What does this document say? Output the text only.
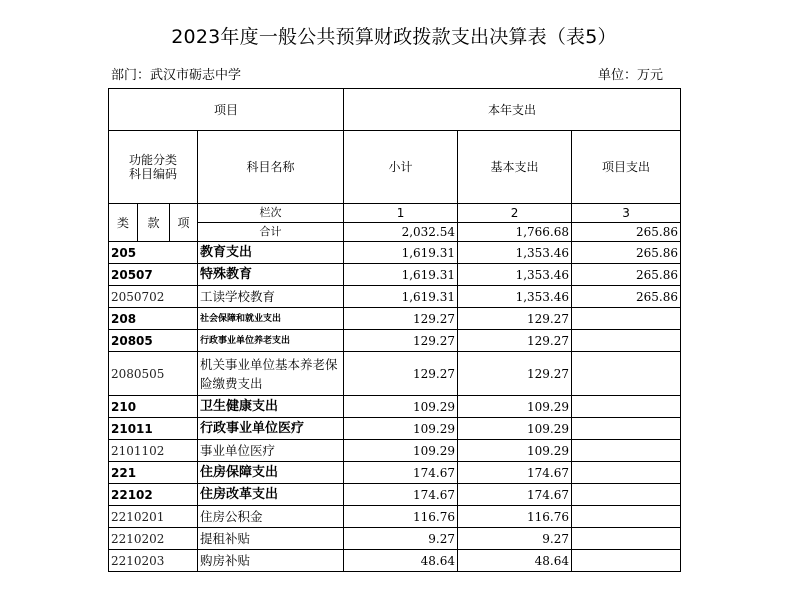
2023年度一般公共预算财政拨款支出决算表（表5）
部门：武汉市砺志中学	单位：万元
项目				本年支出		

功能分类
科目编码			科目名称	小计	基本支出	项目支出
类	款	项	栏次	1	2	3
			合计	2,032.54	1,766.68	265.86
205			教育支出	1,619.31	1,353.46	265.86
20507			特殊教育	1,619.31	1,353.46	265.86
2050702			工读学校教育	1,619.31	1,353.46	265.86
208			社会保障和就业支出	129.27	129.27	
20805			行政事业单位养老支出	129.27	129.27	
2080505			机关事业单位基本养老保险缴费支出	129.27	129.27	
210			卫生健康支出	109.29	109.29	
21011			行政事业单位医疗	109.29	109.29	
2101102			事业单位医疗	109.29	109.29	
221			住房保障支出	174.67	174.67	
22102			住房改革支出	174.67	174.67	
2210201			住房公积金	116.76	116.76	
2210202			提租补贴	9.27	9.27	
2210203			购房补贴	48.64	48.64	
